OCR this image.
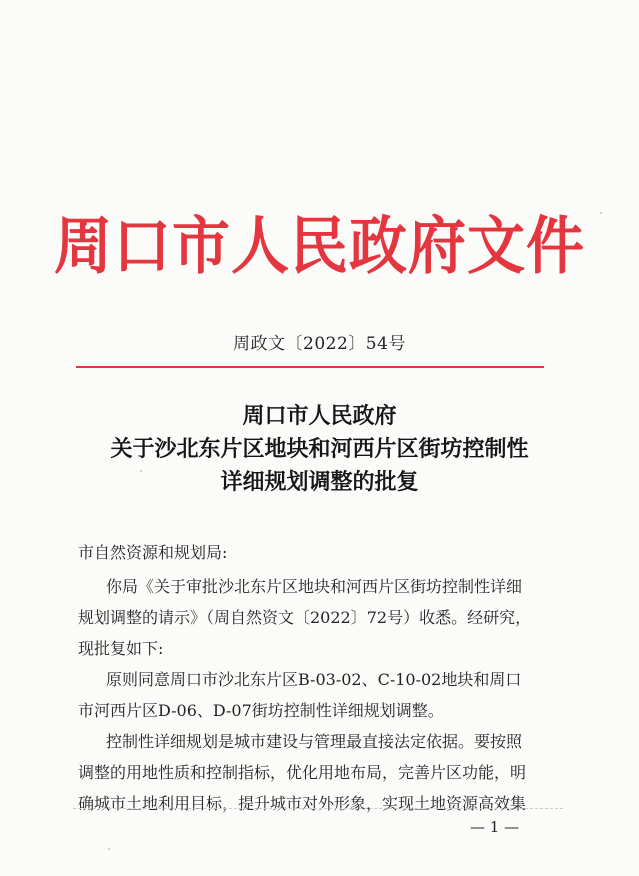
周口市人民政府文件
周政文〔2022〕54号
周口市人民政府
关于沙北东片区地块和河西片区街坊控制性
详细规划调整的批复
市自然资源和规划局:
你局《关于审批沙北东片区地块和河西片区街坊控制性详细
规划调整的请示》（周自然资文〔2022〕72号）收悉。经研究，
现批复如下:
原则同意周口市沙北东片区B-03-02、C-10-02地块和周口
市河西片区D-06、D-07街坊控制性详细规划调整。
控制性详细规划是城市建设与管理最直接法定依据。要按照
调整的用地性质和控制指标，优化用地布局，完善片区功能，明
确城市土地利用目标，提升城市对外形象，实现土地资源高效集
— 1 —
